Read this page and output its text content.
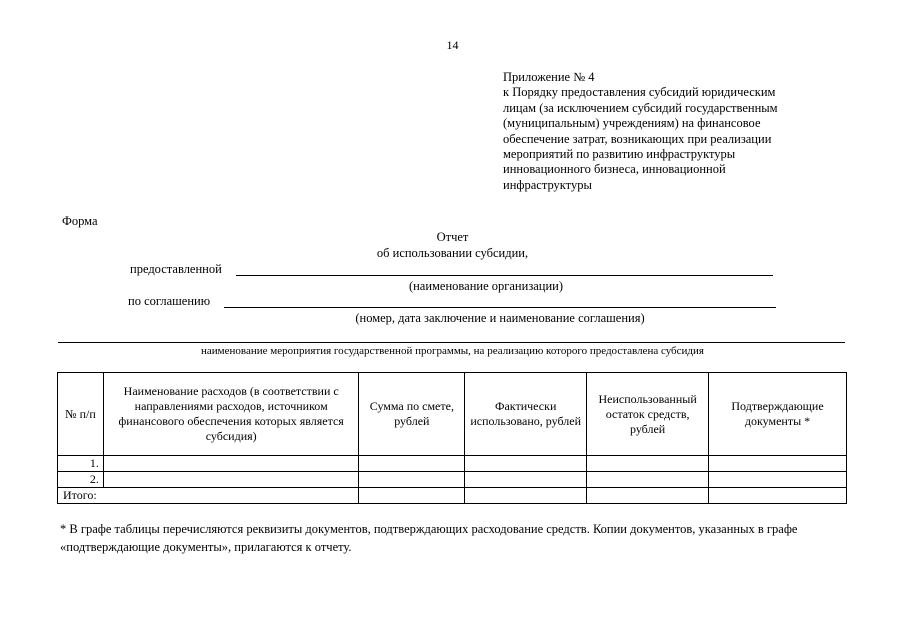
14
Приложение № 4
к Порядку предоставления субсидий юридическим
лицам (за исключением субсидий государственным
(муниципальным) учреждениям) на финансовое
обеспечение затрат, возникающих при реализации
мероприятий по развитию инфраструктуры
инновационного бизнеса, инновационной
инфраструктуры
Форма
Отчет
об использовании субсидии,
предоставленной
(наименование организации)
по соглашению
(номер, дата заключение и наименование соглашения)
наименование мероприятия государственной программы, на реализацию которого предоставлена субсидия
№ п/п	Наименование расходов (в соответствии с направлениями расходов, источником финансового обеспечения которых является субсидия)	Сумма по смете, рублей	Фактически использовано, рублей	Неиспользованный остаток средств, рублей	Подтверждающие документы *
1.					
2.					
Итого:					
* В графе таблицы перечисляются реквизиты документов, подтверждающих расходование средств. Копии документов, указанных в графе «подтверждающие документы», прилагаются к отчету.
